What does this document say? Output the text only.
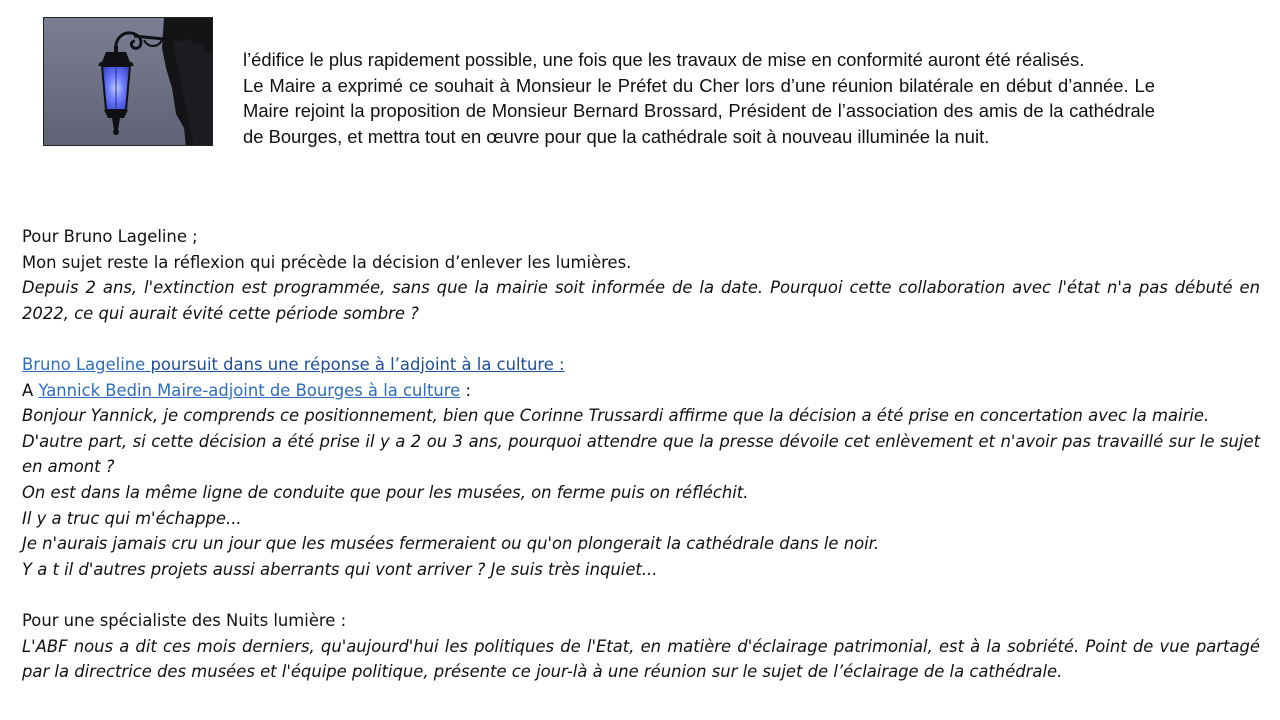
l’édifice le plus rapidement possible, une fois que les travaux de mise en conformité auront été réalisés.

Le Maire a exprimé ce souhait à Monsieur le Préfet du Cher lors d’une réunion bilatérale en début d’année. Le Maire rejoint la proposition de Monsieur Bernard Brossard, Président de l’association des amis de la cathédrale de Bourges, et mettra tout en œuvre pour que la cathédrale soit à nouveau illuminée la nuit.

Pour Bruno Lageline ;

Mon sujet reste la réflexion qui précède la décision d’enlever les lumières.

Depuis 2 ans, l'extinction est programmée, sans que la mairie soit informée de la date. Pourquoi cette collaboration avec l'état n'a pas débuté en 2022, ce qui aurait évité cette période sombre ?

Bruno Lageline poursuit dans une réponse à l’adjoint à la culture :

A Yannick Bedin Maire-adjoint de Bourges à la culture :

Bonjour Yannick, je comprends ce positionnement, bien que Corinne Trussardi affirme que la décision a été prise en concertation avec la mairie.

D'autre part, si cette décision a été prise il y a 2 ou 3 ans, pourquoi attendre que la presse dévoile cet enlèvement et n'avoir pas travaillé sur le sujet en amont ?

On est dans la même ligne de conduite que pour les musées, on ferme puis on réfléchit.

Il y a truc qui m'échappe...

Je n'aurais jamais cru un jour que les musées fermeraient ou qu'on plongerait la cathédrale dans le noir.

Y a t il d'autres projets aussi aberrants qui vont arriver ? Je suis très inquiet...

Pour une spécialiste des Nuits lumière :

L'ABF nous a dit ces mois derniers, qu'aujourd'hui les politiques de l'Etat, en matière d'éclairage patrimonial, est à la sobriété. Point de vue partagé par la directrice des musées et l'équipe politique, présente ce jour-là à une réunion sur le sujet de l’éclairage de la cathédrale.
